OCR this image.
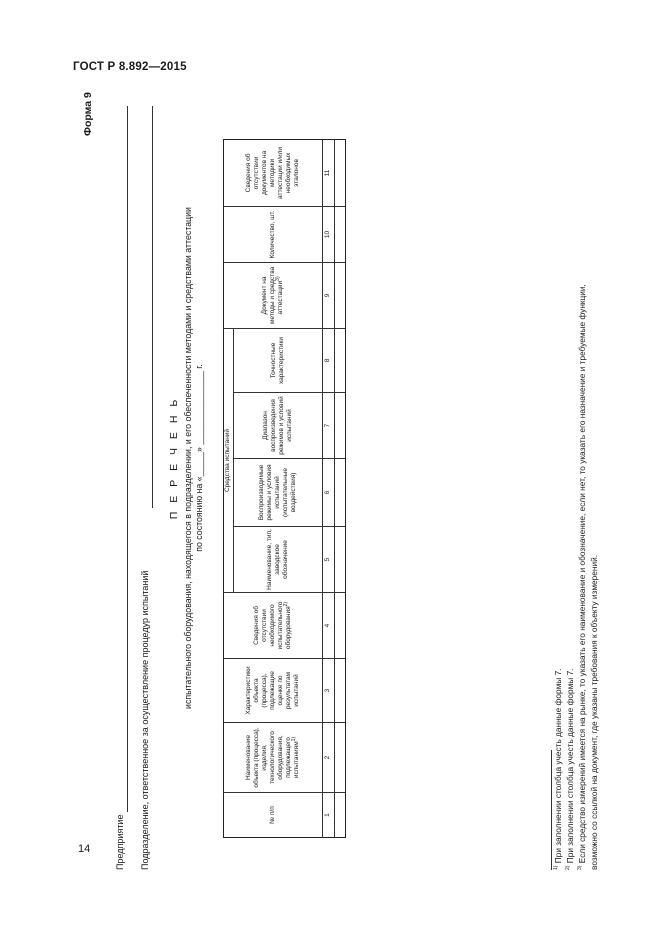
ГОСТ Р 8.892—2015
14
Форма 9
Предприятие Подразделение, ответственное за осуществление процедур испытаний
П Е Р Е Ч Е Н Ь испытательного оборудования, находящегося в подразделении, и его обеспеченности методами и средствами аттестации по состоянию на «_____» _______________ г.
№ п/п	Наименование объекта (процесса), изделия, технологического оборудования, подлежащего испытаниям$^{1)}$	Характеристики объекта (процесса), подлежащие оценке по результатам испытаний	Сведения об отсутствии необходимого испытательного оборудования$^{2)}$	Средства испытаний				Документ на методы и средства аттестации$^{3)}$	Количество, шт.	Сведения об отсутствии документов на методики аттестации и/или необходимых эталонов
				Наименование, тип, заводское обозначение	Воспроизводимые режимы и условия испытаний (испытательные воздействия)	Диапазон воспроизведения режимов и условий испытаний	Точностные характеристики			
1	2	3	4	5	6	7	8	9	10	11

$^{1)}$ При заполнении столбца учесть данные формы 7.
$^{2)}$ При заполнении столбца учесть данные формы 7.
$^{3)}$ Если средство измерений имеется на рынке, то указать его наименование и обозначение, если нет, то указать его назначение и требуемые функции, возможно со ссылкой на документ, где указаны требования к объекту измерений.
